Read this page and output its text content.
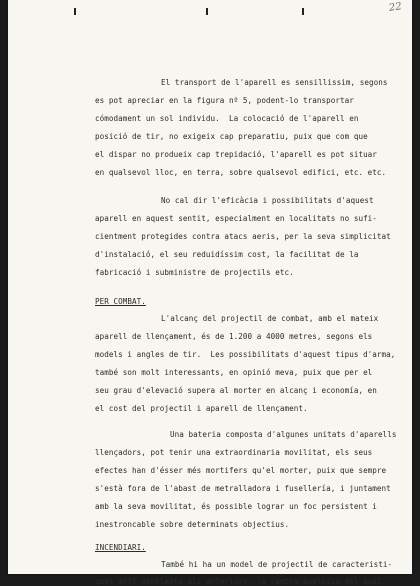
22
El transport de l'aparell es sensillissim, segons
es pot apreciar en la figura nº 5, podent-lo transportar
cómodament un sol individu.  La colocació de l'aparell en
posició de tir, no exigeix cap preparatiu, puix que com que
el dispar no produeix cap trepidació, l'aparell es pot situar
en qualsevol lloc, en terra, sobre qualsevol edifici, etc. etc.
No cal dir l'eficàcia i possibilitats d'aquest
aparell en aquest sentit, especialment en localitats no sufi-
cientment protegides contra atacs aeris, per la seva simplicitat
d'instalació, el seu reduidíssim cost, la facilitat de la
fabricació i subministre de projectils etc.
PER COMBAT.
L'alcanç del projectil de combat, amb el mateix
aparell de llençament, és de 1.200 a 4000 metres, segons els
models i angles de tir.  Les possibilitats d'aquest tipus d'arma,
també son molt interessants, en opinió meva, puix que per el
seu grau d'elevació supera al morter en alcanç i economía, en
el cost del projectil i aparell de llençament.
Una bateria composta d'algunes unitats d'aparells
llençadors, pot tenir una extraordinaria movilitat, els seus
efectes han d'ésser més mortifers qu'el morter, puix que sempre
s'està fora de l'abast de metralladora i fusellería, i juntament
amb la seva movilitat, és possible lograr un foc persistent i
inestroncable sobre determinats objectius.
INCENDIARI.
També hi ha un model de projectil de caracteristi-
ques molt semblants als anteriors, la cambra-explosiu del qual
